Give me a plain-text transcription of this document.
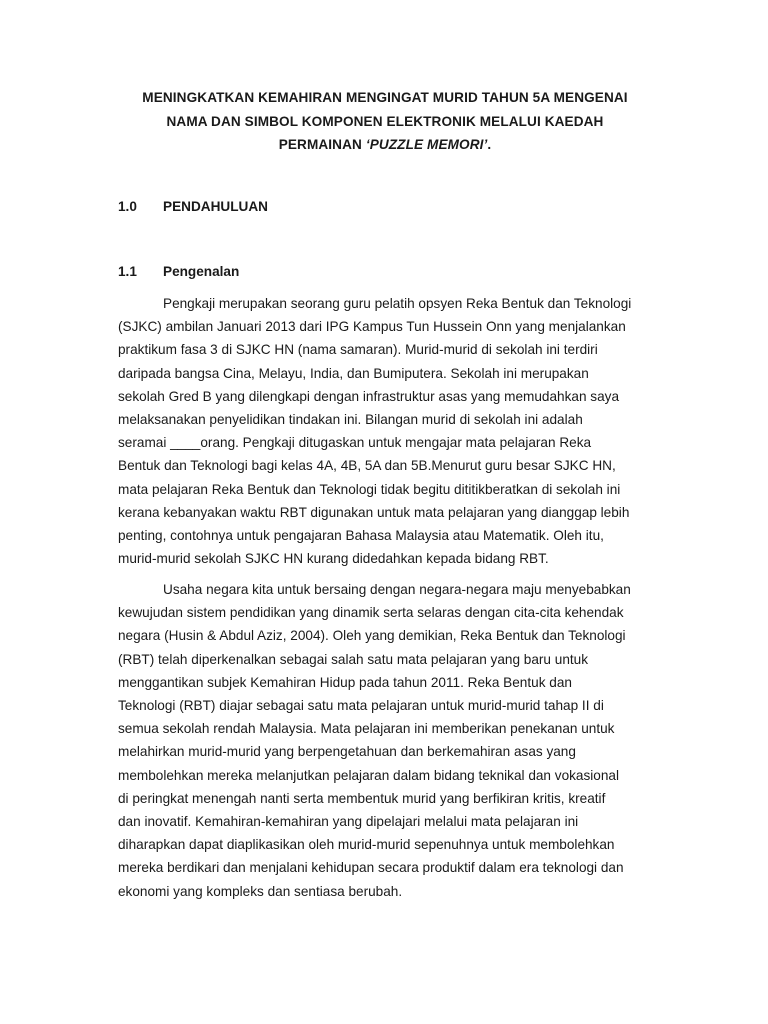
MENINGKATKAN KEMAHIRAN MENGINGAT MURID TAHUN 5A MENGENAI
NAMA DAN SIMBOL KOMPONEN ELEKTRONIK MELALUI KAEDAH
PERMAINAN ‘PUZZLE MEMORI’.
1.0 PENDAHULUAN
1.1 Pengenalan
Pengkaji merupakan seorang guru pelatih opsyen Reka Bentuk dan Teknologi
(SJKC) ambilan Januari 2013 dari IPG Kampus Tun Hussein Onn yang menjalankan
praktikum fasa 3 di SJKC HN (nama samaran). Murid-murid di sekolah ini terdiri
daripada bangsa Cina, Melayu, India, dan Bumiputera. Sekolah ini merupakan
sekolah Gred B yang dilengkapi dengan infrastruktur asas yang memudahkan saya
melaksanakan penyelidikan tindakan ini. Bilangan murid di sekolah ini adalah
seramai ____orang. Pengkaji ditugaskan untuk mengajar mata pelajaran Reka
Bentuk dan Teknologi bagi kelas 4A, 4B, 5A dan 5B.Menurut guru besar SJKC HN,
mata pelajaran Reka Bentuk dan Teknologi tidak begitu dititikberatkan di sekolah ini
kerana kebanyakan waktu RBT digunakan untuk mata pelajaran yang dianggap lebih
penting, contohnya untuk pengajaran Bahasa Malaysia atau Matematik. Oleh itu,
murid-murid sekolah SJKC HN kurang didedahkan kepada bidang RBT.
Usaha negara kita untuk bersaing dengan negara-negara maju menyebabkan
kewujudan sistem pendidikan yang dinamik serta selaras dengan cita-cita kehendak
negara (Husin & Abdul Aziz, 2004). Oleh yang demikian, Reka Bentuk dan Teknologi
(RBT) telah diperkenalkan sebagai salah satu mata pelajaran yang baru untuk
menggantikan subjek Kemahiran Hidup pada tahun 2011. Reka Bentuk dan
Teknologi (RBT) diajar sebagai satu mata pelajaran untuk murid-murid tahap II di
semua sekolah rendah Malaysia. Mata pelajaran ini memberikan penekanan untuk
melahirkan murid-murid yang berpengetahuan dan berkemahiran asas yang
membolehkan mereka melanjutkan pelajaran dalam bidang teknikal dan vokasional
di peringkat menengah nanti serta membentuk murid yang berfikiran kritis, kreatif
dan inovatif. Kemahiran-kemahiran yang dipelajari melalui mata pelajaran ini
diharapkan dapat diaplikasikan oleh murid-murid sepenuhnya untuk membolehkan
mereka berdikari dan menjalani kehidupan secara produktif dalam era teknologi dan
ekonomi yang kompleks dan sentiasa berubah.
